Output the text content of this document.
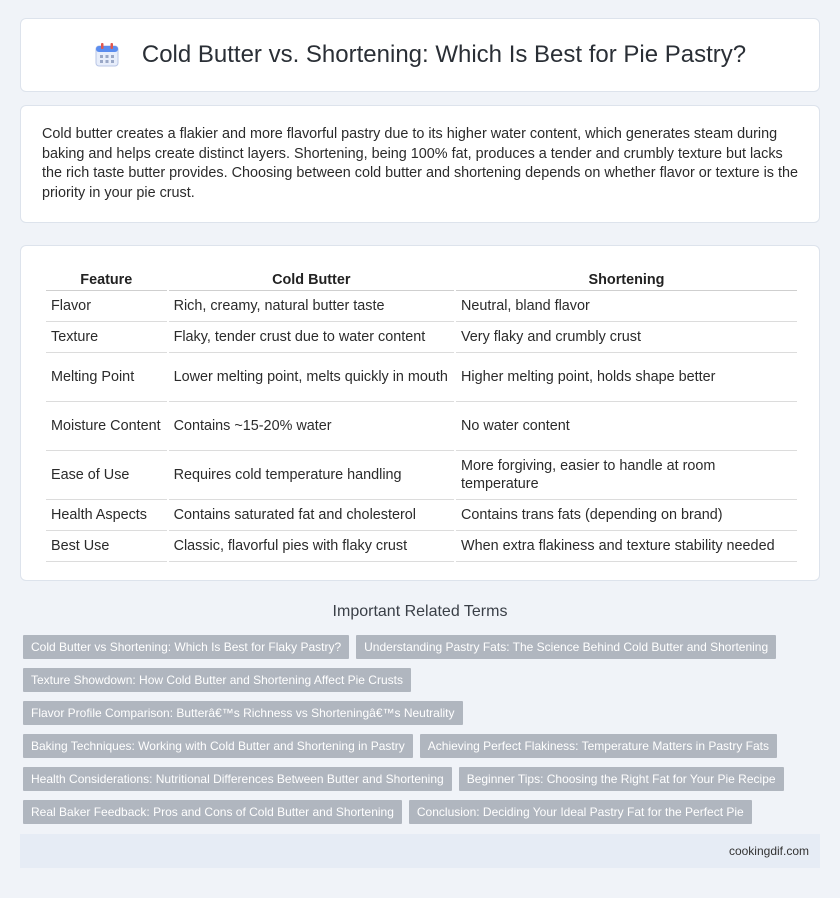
Cold Butter vs. Shortening: Which Is Best for Pie Pastry?

Cold butter creates a flakier and more flavorful pastry due to its higher water content, which generates steam during baking and helps create distinct layers. Shortening, being 100% fat, produces a tender and crumbly texture but lacks the rich taste butter provides. Choosing between cold butter and shortening depends on whether flavor or texture is the priority in your pie crust.

Feature	Cold Butter	Shortening
Flavor	Rich, creamy, natural butter taste	Neutral, bland flavor
Texture	Flaky, tender crust due to water content	Very flaky and crumbly crust
Melting Point	Lower melting point, melts quickly in mouth	Higher melting point, holds shape better
Moisture Content	Contains ~15-20% water	No water content
Ease of Use	Requires cold temperature handling	More forgiving, easier to handle at room temperature
Health Aspects	Contains saturated fat and cholesterol	Contains trans fats (depending on brand)
Best Use	Classic, flavorful pies with flaky crust	When extra flakiness and texture stability needed
Important Related Terms
Cold Butter vs Shortening: Which Is Best for Flaky Pastry?	Understanding Pastry Fats: The Science Behind Cold Butter and Shortening
Texture Showdown: How Cold Butter and Shortening Affect Pie Crusts
Flavor Profile Comparison: Butterâ€™s Richness vs Shorteningâ€™s Neutrality
Baking Techniques: Working with Cold Butter and Shortening in Pastry	Achieving Perfect Flakiness: Temperature Matters in Pastry Fats
Health Considerations: Nutritional Differences Between Butter and Shortening	Beginner Tips: Choosing the Right Fat for Your Pie Recipe
Real Baker Feedback: Pros and Cons of Cold Butter and Shortening	Conclusion: Deciding Your Ideal Pastry Fat for the Perfect Pie
cookingdif.com
